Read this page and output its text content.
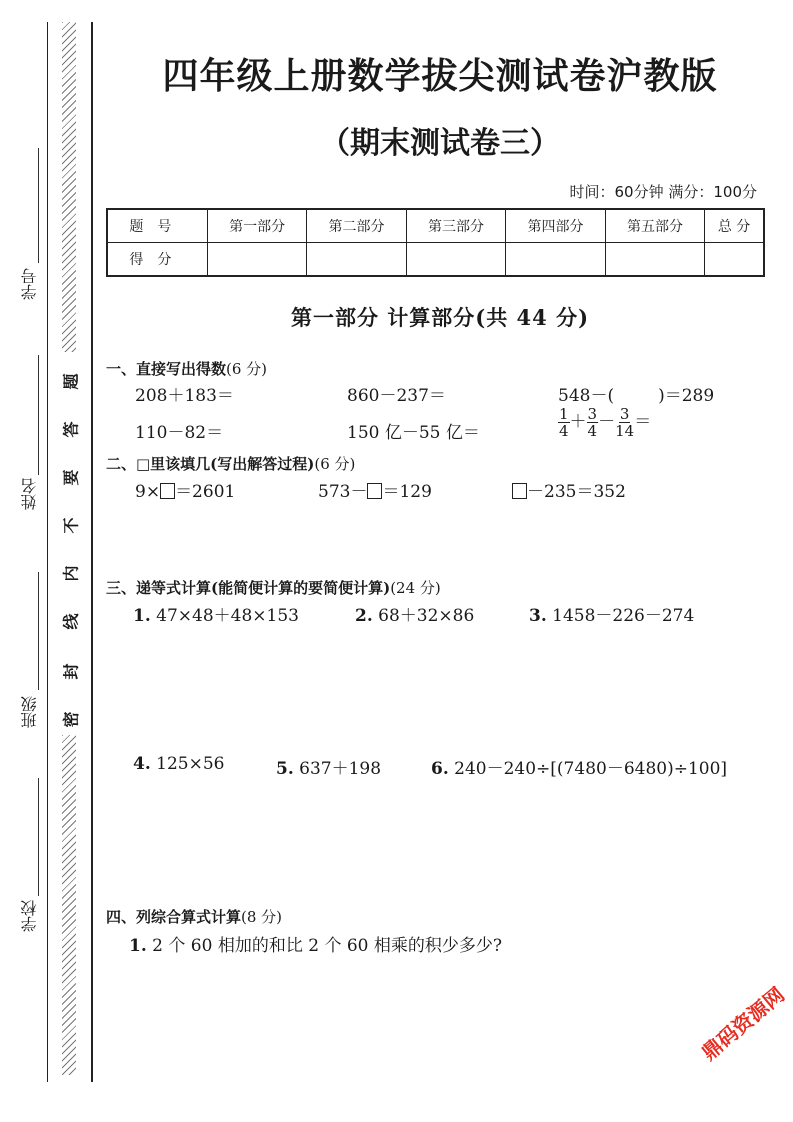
学号
姓名
班级
学校
题
答
要
不
内
线
封
密
四年级上册数学拔尖测试卷沪教版
（期末测试卷三）
时间：60分钟 满分：100分
题号	第一部分	第二部分	第三部分	第四部分	第五部分	总 分
得分						
第一部分 计算部分(共 44 分)
一、直接写出得数(6 分)
208＋183＝	860－237＝	548－(	)＝289
110－82＝	150 亿－55 亿＝	$\frac{1}{4} + \frac{3}{4} - \frac{3}{14}$ ＝
二、□里该填几(写出解答过程)(6 分)
9× ＝2601	573－ ＝129	－235＝352
三、递等式计算(能简便计算的要简便计算)(24 分)
1. 47×48＋48×153	2. 68＋32×86	3. 1458－226－274
4. 125×56	5. 637＋198	6. 240－240÷[(7480－6480)÷100]
四、列综合算式计算(8 分)
1. 2 个 60 相加的和比 2 个 60 相乘的积少多少?
鼎码资源网
